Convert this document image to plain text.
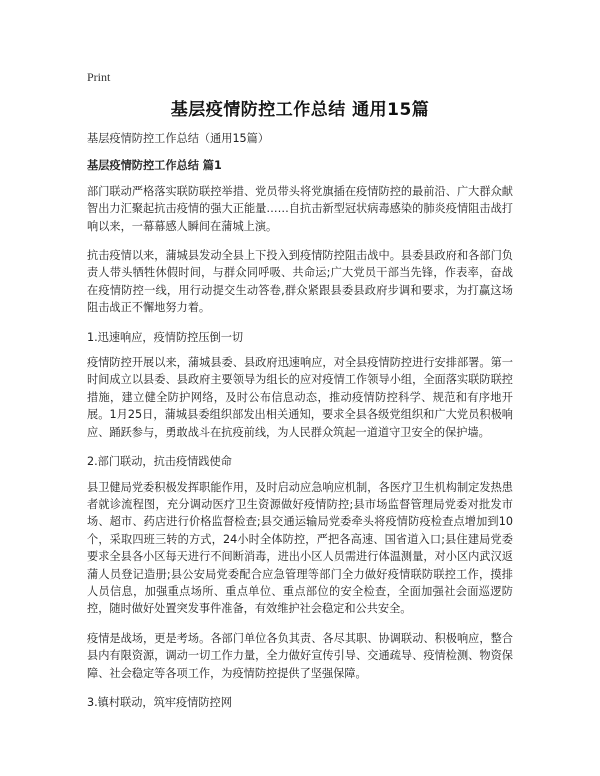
Print
基层疫情防控工作总结 通用15篇

基层疫情防控工作总结（通用15篇）

基层疫情防控工作总结 篇1

部门联动严格落实联防联控举措、党员带头将党旗插在疫情防控的最前沿、广大群众献智出力汇聚起抗击疫情的强大正能量……自抗击新型冠状病毒感染的肺炎疫情阻击战打响以来，一幕幕感人瞬间在蒲城上演。

抗击疫情以来，蒲城县发动全县上下投入到疫情防控阻击战中。县委县政府和各部门负责人带头牺牲休假时间，与群众同呼吸、共命运;广大党员干部当先锋，作表率，奋战在疫情防控一线，用行动提交生动答卷,群众紧跟县委县政府步调和要求，为打赢这场阻击战正不懈地努力着。

1.迅速响应，疫情防控压倒一切

疫情防控开展以来，蒲城县委、县政府迅速响应，对全县疫情防控进行安排部署。第一时间成立以县委、县政府主要领导为组长的应对疫情工作领导小组，全面落实联防联控措施，建立健全防护网络，及时公布信息动态，推动疫情防控科学、规范和有序地开展。1月25日，蒲城县委组织部发出相关通知，要求全县各级党组织和广大党员积极响应、踊跃参与，勇敢战斗在抗疫前线，为人民群众筑起一道道守卫安全的保护墙。

2.部门联动，抗击疫情践使命

县卫健局党委积极发挥职能作用，及时启动应急响应机制，各医疗卫生机构制定发热患者就诊流程图，充分调动医疗卫生资源做好疫情防控;县市场监督管理局党委对批发市场、超市、药店进行价格监督检查;县交通运输局党委牵头将疫情防疫检查点增加到10个，采取四班三转的方式，24小时全体防控，严把各高速、国省道入口;县住建局党委要求全县各小区每天进行不间断消毒，进出小区人员需进行体温测量，对小区内武汉返蒲人员登记造册;县公安局党委配合应急管理等部门全力做好疫情联防联控工作，摸排人员信息，加强重点场所、重点单位、重点部位的安全检查，全面加强社会面巡逻防控，随时做好处置突发事件准备，有效维护社会稳定和公共安全。

疫情是战场，更是考场。各部门单位各负其责、各尽其职、协调联动、积极响应，整合县内有限资源，调动一切工作力量，全力做好宣传引导、交通疏导、疫情检测、物资保障、社会稳定等各项工作，为疫情防控提供了坚强保障。

3.镇村联动，筑牢疫情防控网
